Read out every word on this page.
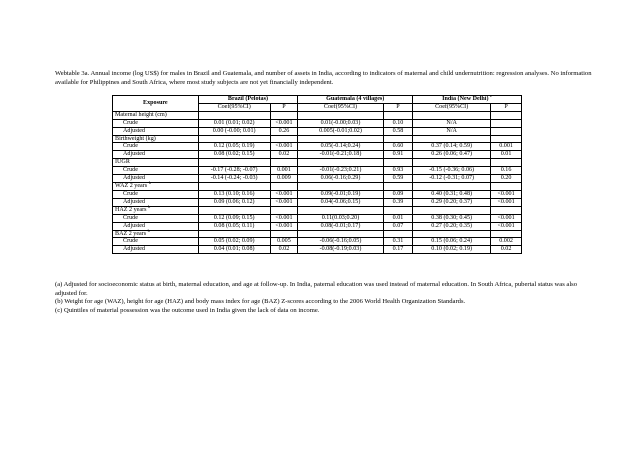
Webtable 3a. Annual income (log US$) for males in Brazil and Guatemala, and number of assets in India, according to indicators of maternal and child undernutrition: regression analyses. No information available for Philippines and South Africa, where most study subjects are not yet financially independent.
Exposure	Brazil (Pelotas)		Guatemala (4 villages)		India (New Delhi) $^c$
	Coef(95%CI)	P	Coef(95%CI)	P	Coef(95%CI)	P
Maternal height (cm)						
Crude	0.01 (0.01; 0.02)	<0.001	0.01(-0.00;0.03)	0.10	N/A	
Adjusted	0.00 (-0.00; 0.01)	0.26	0.005(-0.01;0.02)	0.58	N/A	
Birthweight (kg)						
Crude	0.12 (0.05; 0.19)	<0.001	0.05(-0.14;0.24)	0.60	0.37 (0.14; 0.59)	0.001
Adjusted	0.08 (0.02; 0.15)	0.02	-0.01(-0.21;0.18)	0.91	0.26 (0.06; 0.47)	0.01
IUGR						
Crude	-0.17 (-0.28; -0.07)	0.001	-0.01(-0.23;0.21)	0.93	-0.15 (-0.36; 0.06)	0.16
Adjusted	-0.14 (-0.24; -0.03)	0.009	0.06(-0.16;0.29)	0.59	-0.12 (-0.31; 0.07)	0.20
WAZ 2 years $^b$						
Crude	0.13 (0.10; 0.16)	<0.001	0.09(-0.01;0.19)	0.09	0.40 (0.31; 0.48)	<0.001
Adjusted	0.09 (0.06; 0.12)	<0.001	0.04(-0.06;0.15)	0.39	0.29 (0.20; 0.37)	<0.001
HAZ 2 years $^b$						
Crude	0.12 (0.09; 0.15)	<0.001	0.11(0.03;0.20)	0.01	0.38 (0.30; 0.45)	<0.001
Adjusted	0.08 (0.05; 0.11)	<0.001	0.08(-0.01;0.17)	0.07	0.27 (0.20; 0.35)	<0.001
BAZ 2 years $^b$						
Crude	0.05 (0.02; 0.09)	0.005	-0.06(-0.16;0.05)	0.31	0.15 (0.06; 0.24)	0.002
Adjusted	0.04 (0.01; 0.08)	0.02	-0.08(-0.19;0.03)	0.17	0.10 (0.02; 0.19)	0.02
(a) Adjusted for socioeconomic status at birth, maternal education, and age at follow-up. In India, paternal education was used instead of maternal education. In South Africa, pubertal status was also adjusted for.
(b) Weight for age (WAZ), height for age (HAZ) and body mass index for age (BAZ) Z-scores according to the 2006 World Health Organization Standards.
(c) Quintiles of material possession was the outcome used in India given the lack of data on income.
